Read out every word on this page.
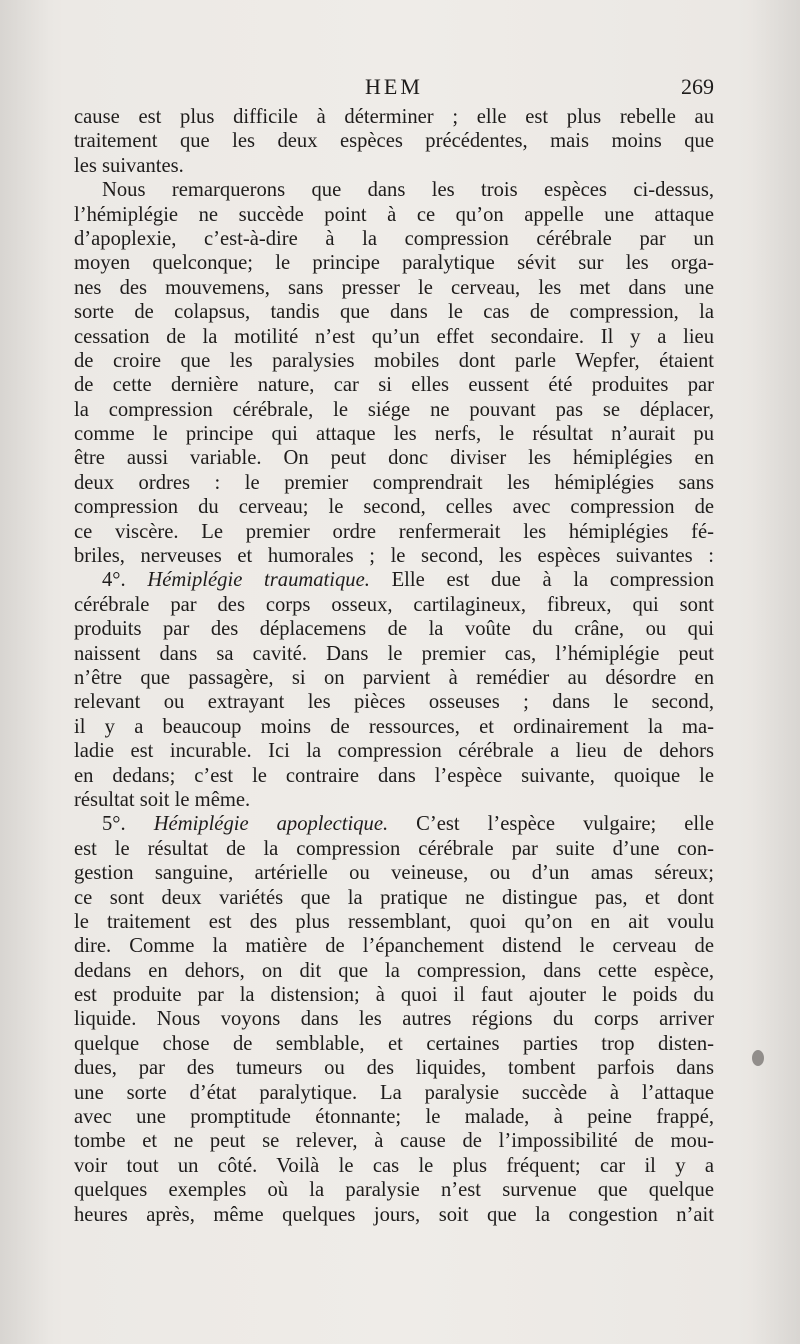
HEM	269
cause est plus difficile à déterminer ; elle est plus rebelle au
traitement que les deux espèces précédentes, mais moins que
les suivantes.
Nous remarquerons que dans les trois espèces ci-dessus,
l’hémiplégie ne succède point à ce qu’on appelle une attaque
d’apoplexie, c’est-à-dire à la compression cérébrale par un
moyen quelconque; le principe paralytique sévit sur les orga-
nes des mouvemens, sans presser le cerveau, les met dans une
sorte de colapsus, tandis que dans le cas de compression, la
cessation de la motilité n’est qu’un effet secondaire. Il y a lieu
de croire que les paralysies mobiles dont parle Wepfer, étaient
de cette dernière nature, car si elles eussent été produites par
la compression cérébrale, le siége ne pouvant pas se déplacer,
comme le principe qui attaque les nerfs, le résultat n’aurait pu
être aussi variable. On peut donc diviser les hémiplégies en
deux ordres : le premier comprendrait les hémiplégies sans
compression du cerveau; le second, celles avec compression de
ce viscère. Le premier ordre renfermerait les hémiplégies fé-
briles, nerveuses et humorales ; le second, les espèces suivantes :
4°. Hémiplégie traumatique. Elle est due à la compression
cérébrale par des corps osseux, cartilagineux, fibreux, qui sont
produits par des déplacemens de la voûte du crâne, ou qui
naissent dans sa cavité. Dans le premier cas, l’hémiplégie peut
n’être que passagère, si on parvient à remédier au désordre en
relevant ou extrayant les pièces osseuses ; dans le second,
il y a beaucoup moins de ressources, et ordinairement la ma-
ladie est incurable. Ici la compression cérébrale a lieu de dehors
en dedans; c’est le contraire dans l’espèce suivante, quoique le
résultat soit le même.
5°. Hémiplégie apoplectique. C’est l’espèce vulgaire; elle
est le résultat de la compression cérébrale par suite d’une con-
gestion sanguine, artérielle ou veineuse, ou d’un amas séreux;
ce sont deux variétés que la pratique ne distingue pas, et dont
le traitement est des plus ressemblant, quoi qu’on en ait voulu
dire. Comme la matière de l’épanchement distend le cerveau de
dedans en dehors, on dit que la compression, dans cette espèce,
est produite par la distension; à quoi il faut ajouter le poids du
liquide. Nous voyons dans les autres régions du corps arriver
quelque chose de semblable, et certaines parties trop disten-
dues, par des tumeurs ou des liquides, tombent parfois dans
une sorte d’état paralytique. La paralysie succède à l’attaque
avec une promptitude étonnante; le malade, à peine frappé,
tombe et ne peut se relever, à cause de l’impossibilité de mou-
voir tout un côté. Voilà le cas le plus fréquent; car il y a
quelques exemples où la paralysie n’est survenue que quelque
heures après, même quelques jours, soit que la congestion n’ait
